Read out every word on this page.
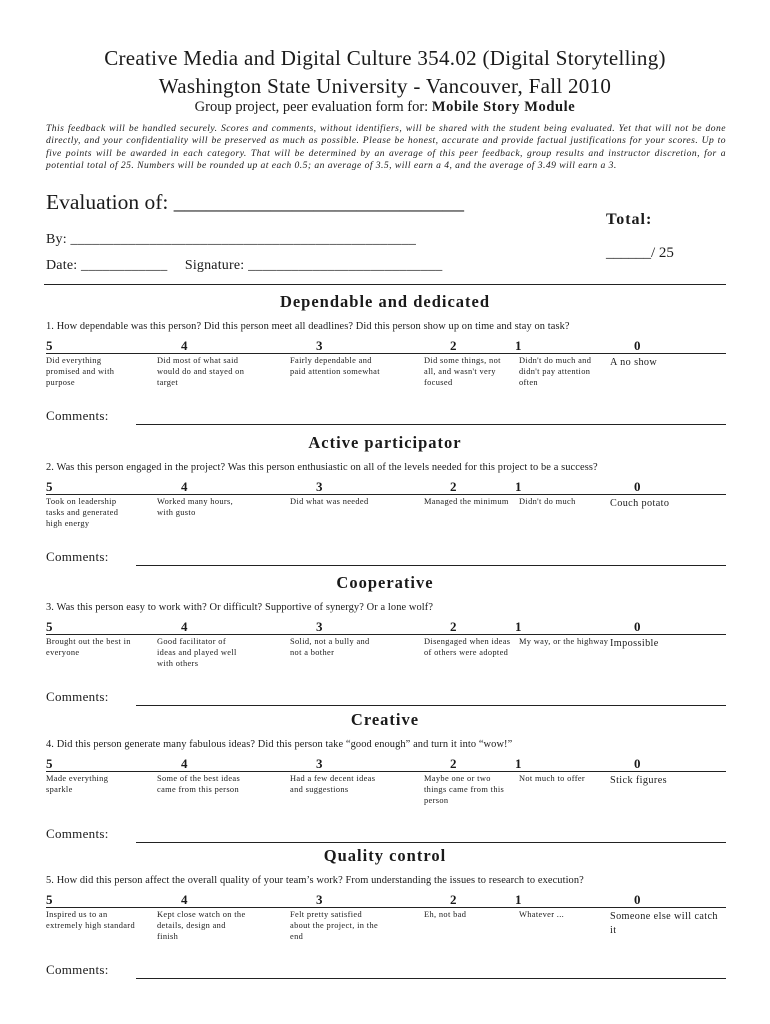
Creative Media and Digital Culture 354.02 (Digital Storytelling)
Washington State University - Vancouver, Fall 2010
Group project, peer evaluation form for: Mobile Story Module
This feedback will be handled securely. Scores and comments, without identifiers, will be shared with the student being evaluated. Yet that will not be done directly, and your confidentiality will be preserved as much as possible. Please be honest, accurate and provide factual justifications for your scores. Up to five points will be awarded in each category. That will be determined by an average of this peer feedback, group results and instructor discretion, for a potential total of 25. Numbers will be rounded up at each 0.5; an average of 3.5, will earn a 4, and the average of 3.49 will earn a 3.
Evaluation of: ___________________________
By: ________________________________________________
Date: ____________ Signature: ___________________________
Total:
______/ 25
Dependable and dedicated
1. How dependable was this person? Did this person meet all deadlines? Did this person show up on time and stay on task?
5
Did everything promised and with purpose
4
Did most of what said would do and stayed on target
3
Fairly dependable and paid attention somewhat
2
Did some things, not all, and wasn't very focused
1
Didn't do much and didn't pay attention often
0
A no show
Comments:
Active participator
2. Was this person engaged in the project? Was this person enthusiastic on all of the levels needed for this project to be a success?
5
Took on leadership tasks and generated high energy
4
Worked many hours, with gusto
3
Did what was needed
2
Managed the minimum
1
Didn't do much
0
Couch potato
Comments:
Cooperative
3. Was this person easy to work with? Or difficult? Supportive of synergy? Or a lone wolf?
5
Brought out the best in everyone
4
Good facilitator of ideas and played well with others
3
Solid, not a bully and not a bother
2
Disengaged when ideas of others were adopted
1
My way, or the highway
0
Impossible
Comments:
Creative
4. Did this person generate many fabulous ideas? Did this person take “good enough” and turn it into “wow!”
5
Made everything sparkle
4
Some of the best ideas came from this person
3
Had a few decent ideas and suggestions
2
Maybe one or two things came from this person
1
Not much to offer
0
Stick figures
Comments:
Quality control
5. How did this person affect the overall quality of your team’s work? From understanding the issues to research to execution?
5
Inspired us to an extremely high standard
4
Kept close watch on the details, design and finish
3
Felt pretty satisfied about the project, in the end
2
Eh, not bad
1
Whatever ...
0
Someone else will catch it
Comments:
